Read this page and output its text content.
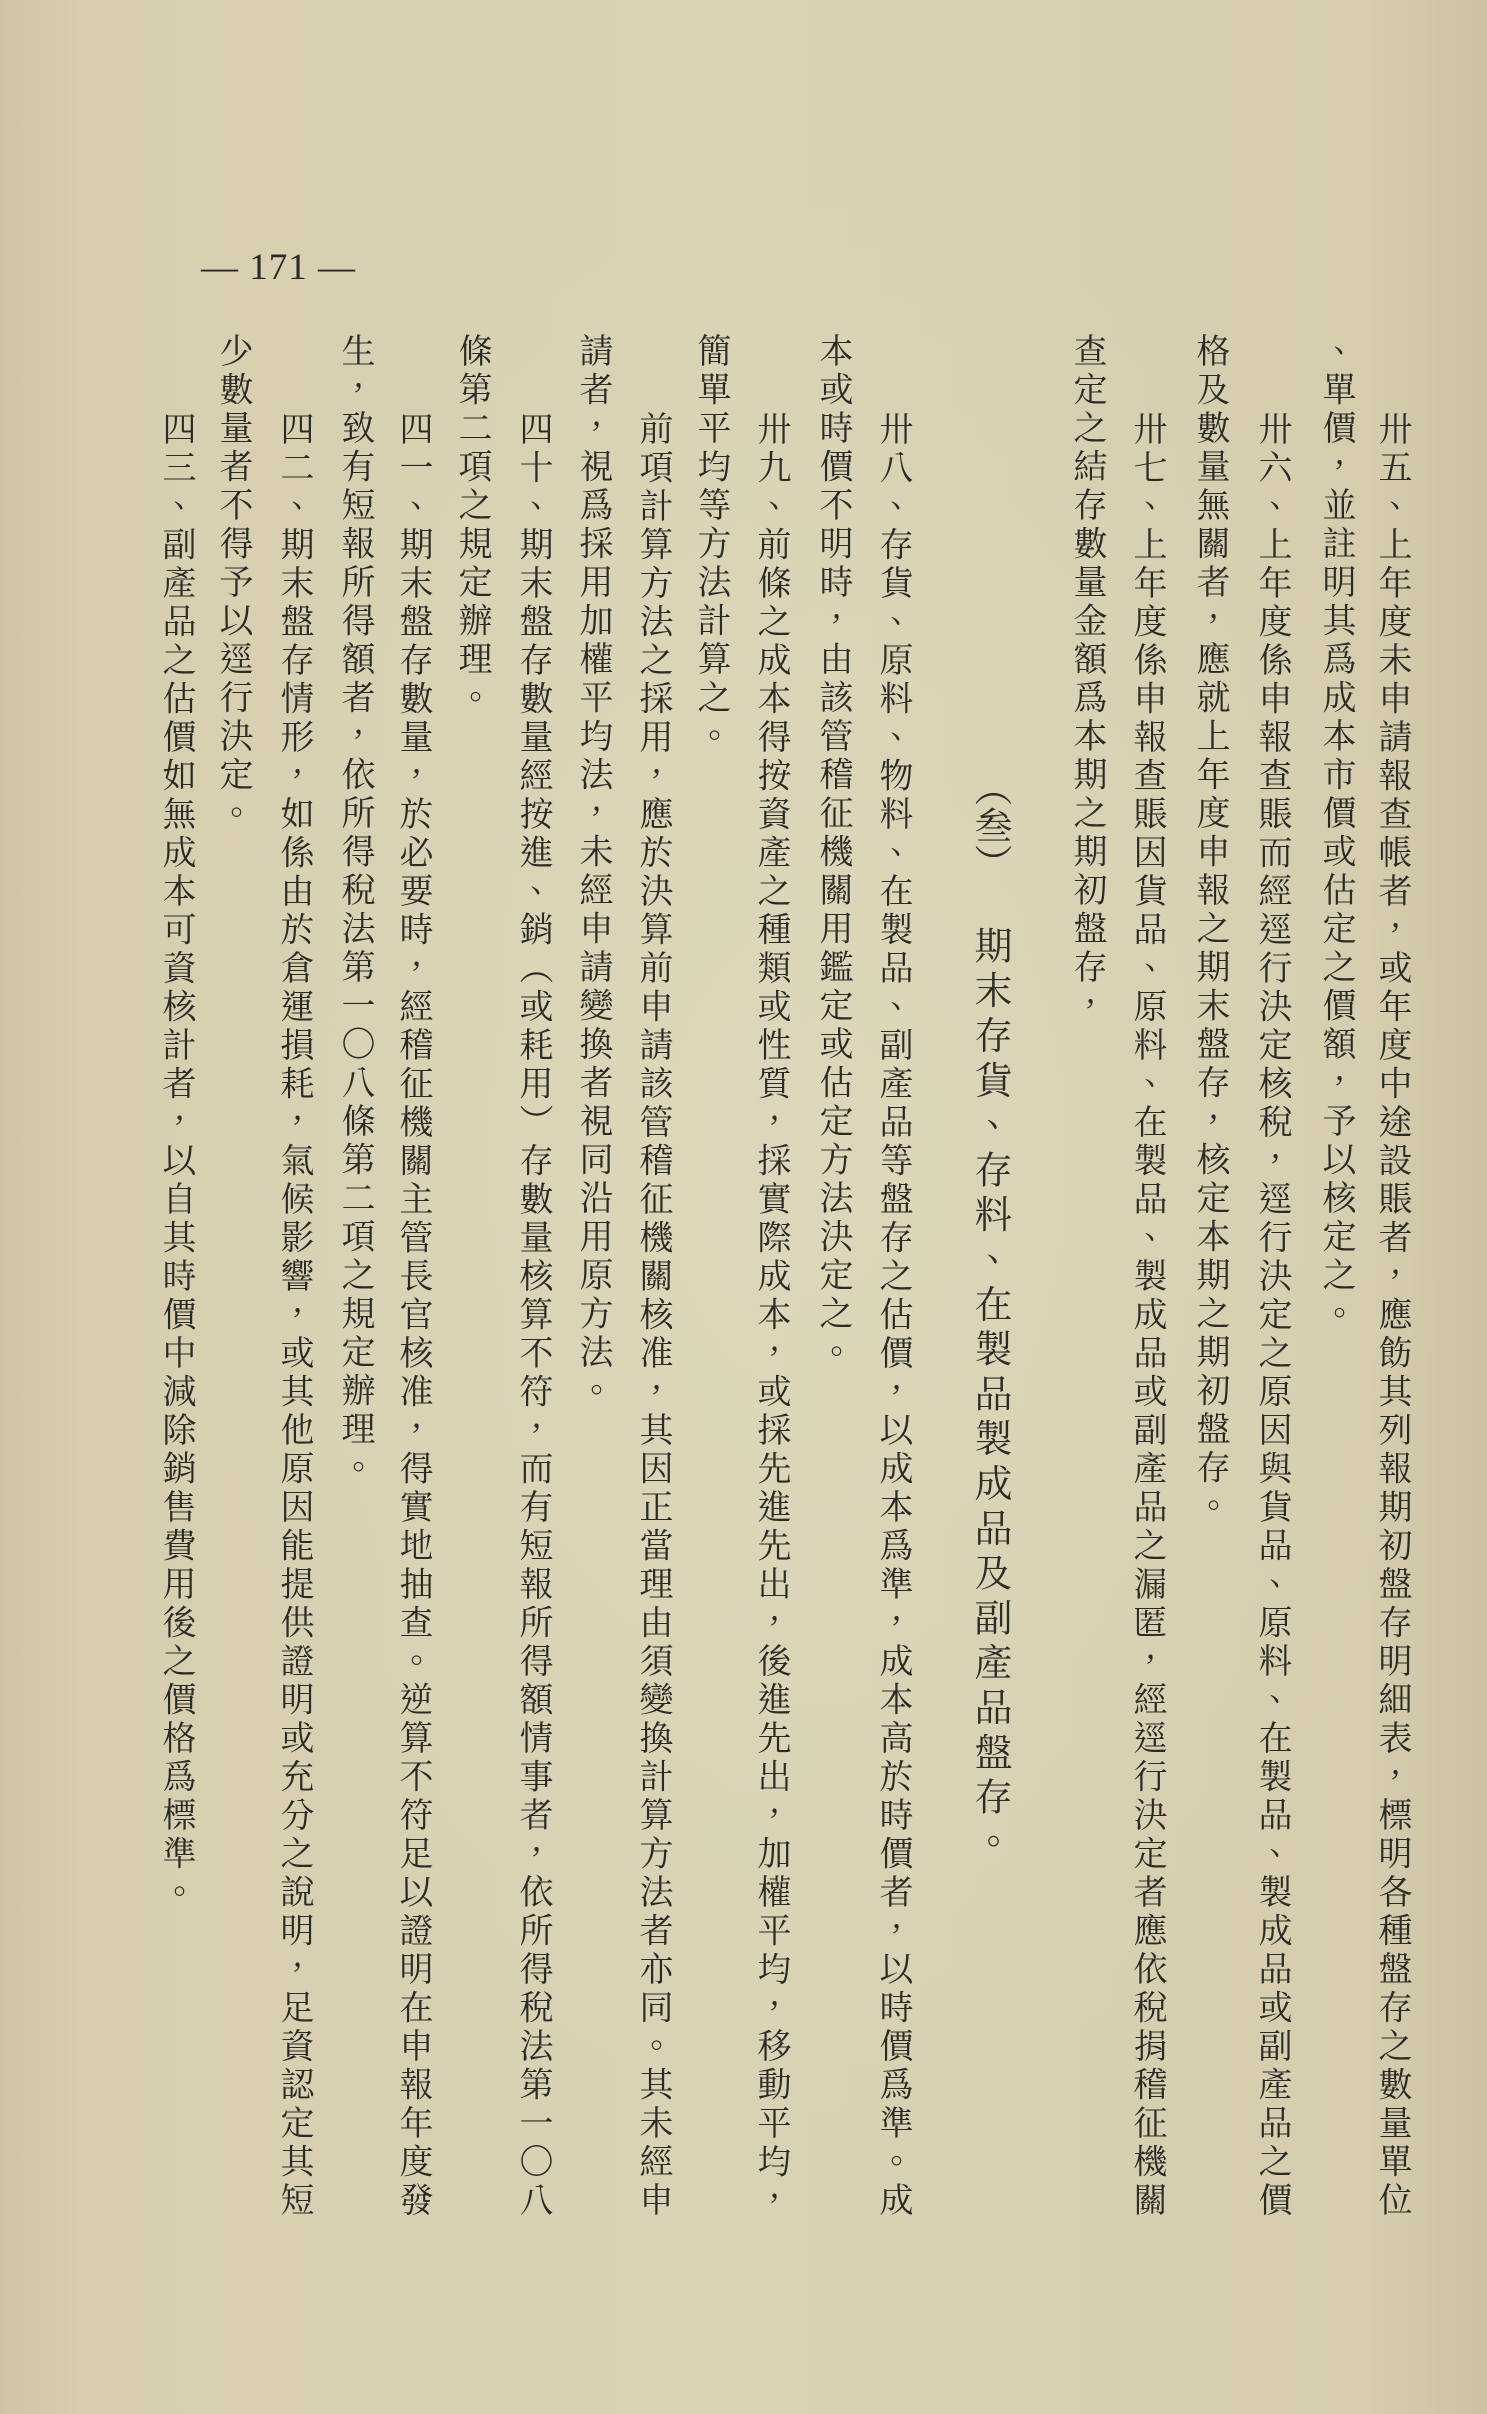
— 171 —
卅五、上年度未申請報查帳者，或年度中途設賬者，應飭其列報期初盤存明細表，標明各種盤存之數量單位
、單價，並註明其爲成本市價或估定之價額，予以核定之。
卅六、上年度係申報查賬而經逕行決定核稅，逕行決定之原因與貨品、原料、在製品、製成品或副產品之價
格及數量無關者，應就上年度申報之期末盤存，核定本期之期初盤存。
卅七、上年度係申報查賬因貨品、原料、在製品、製成品或副產品之漏匿，經逕行決定者應依稅捐稽征機關
查定之結存數量金額爲本期之期初盤存，
（叁）期末存貨、存料、在製品製成品及副產品盤存。
卅八、存貨、原料、物料、在製品、副產品等盤存之估價，以成本爲準，成本高於時價者，以時價爲準。成
本或時價不明時，由該管稽征機關用鑑定或估定方法決定之。
卅九、前條之成本得按資產之種類或性質，採實際成本，或採先進先出，後進先出，加權平均，移動平均，
簡單平均等方法計算之。
前項計算方法之採用，應於決算前申請該管稽征機關核准，其因正當理由須變換計算方法者亦同。其未經申
請者，視爲採用加權平均法，未經申請變換者視同沿用原方法。
四十、期末盤存數量經按進、銷（或耗用）存數量核算不符，而有短報所得額情事者，依所得稅法第一〇八
條第二項之規定辦理。
四一、期末盤存數量，於必要時，經稽征機關主管長官核准，得實地抽查。逆算不符足以證明在申報年度發
生，致有短報所得額者，依所得稅法第一〇八條第二項之規定辦理。
四二、期末盤存情形，如係由於倉運損耗，氣候影響，或其他原因能提供證明或充分之說明，足資認定其短
少數量者不得予以逕行決定。
四三、副產品之估價如無成本可資核計者，以自其時價中減除銷售費用後之價格爲標準。
